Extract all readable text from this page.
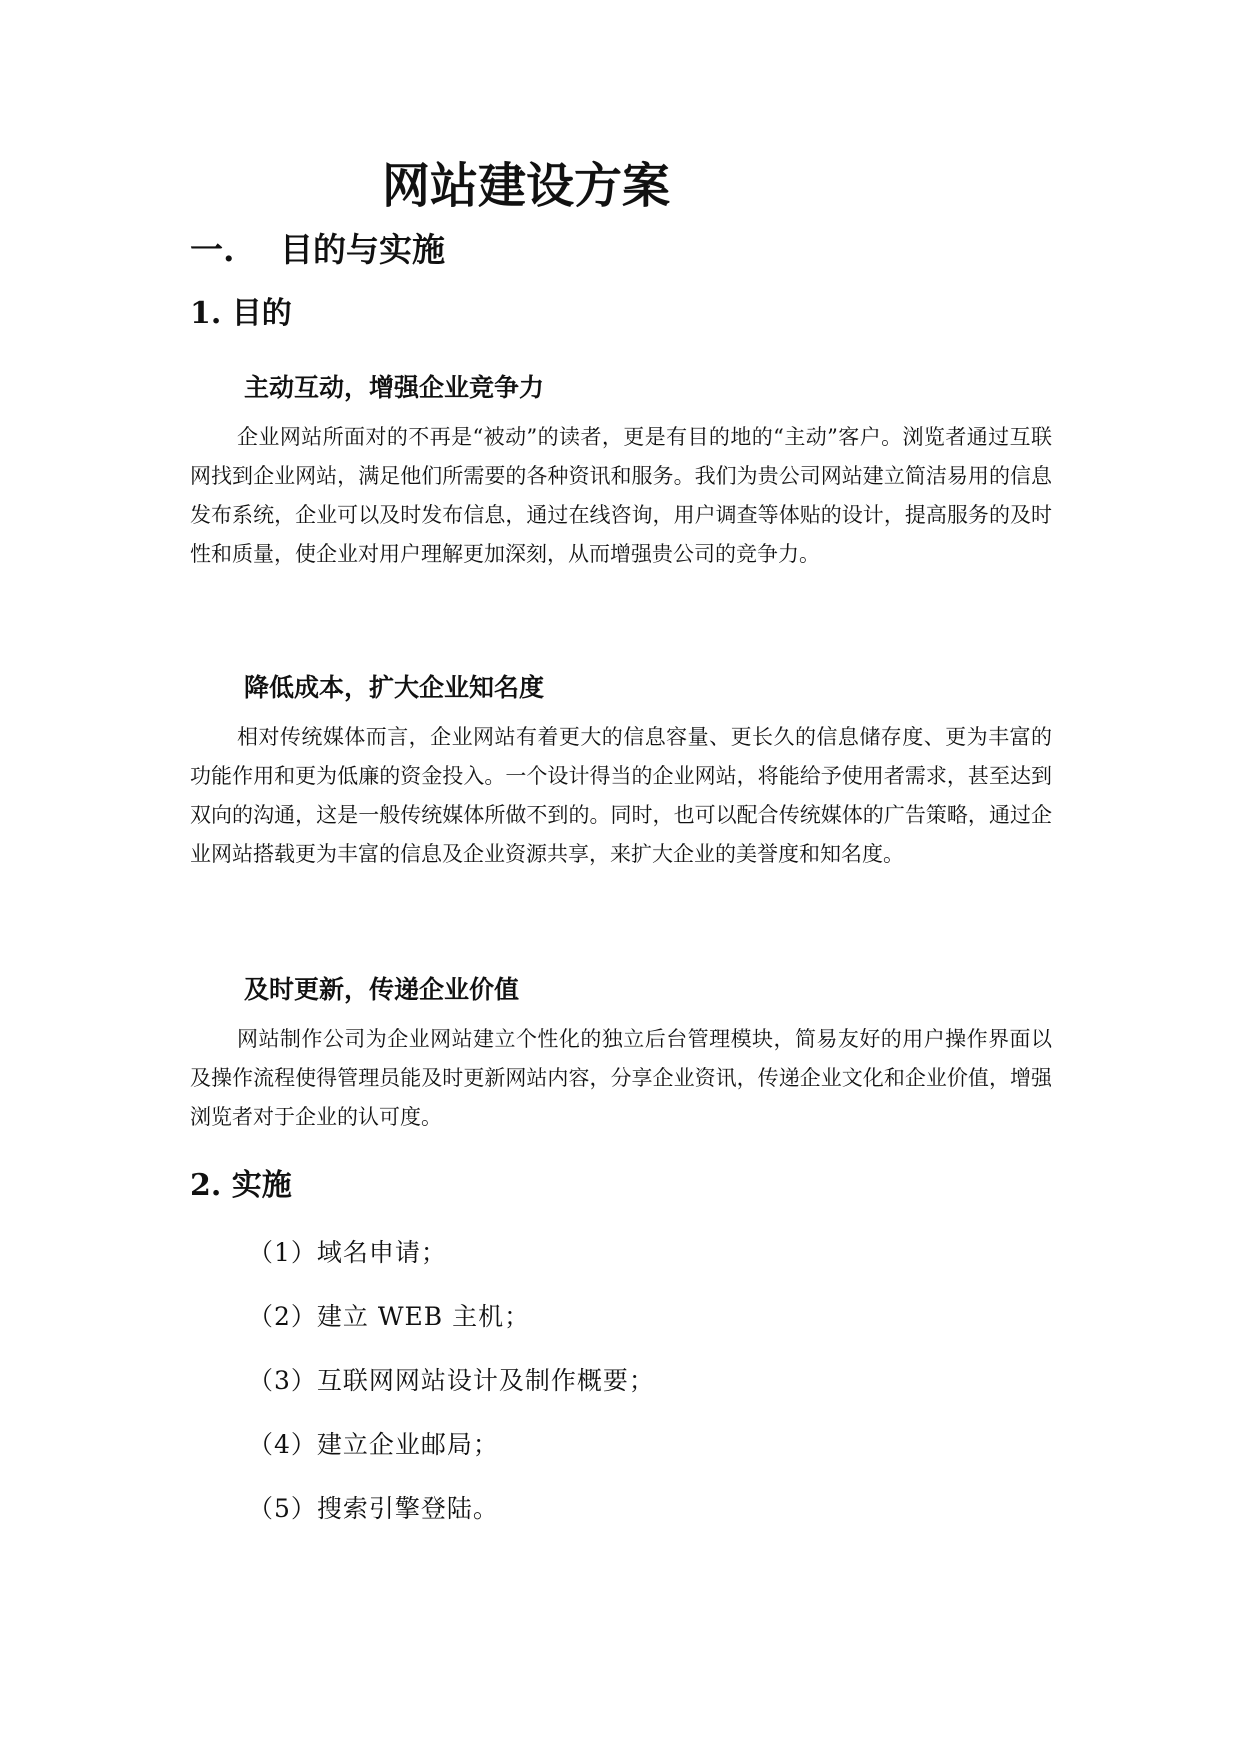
网站建设方案
一. 目的与实施
1. 目的
主动互动，增强企业竞争力

企业网站所面对的不再是“被动”的读者，更是有目的地的“主动”客户。浏览者通过互联网找到企业网站，满足他们所需要的各种资讯和服务。我们为贵公司网站建立简洁易用的信息发布系统，企业可以及时发布信息，通过在线咨询，用户调查等体贴的设计，提高服务的及时性和质量，使企业对用户理解更加深刻，从而增强贵公司的竞争力。

降低成本，扩大企业知名度

相对传统媒体而言，企业网站有着更大的信息容量、更长久的信息储存度、更为丰富的功能作用和更为低廉的资金投入。一个设计得当的企业网站，将能给予使用者需求，甚至达到双向的沟通，这是一般传统媒体所做不到的。同时，也可以配合传统媒体的广告策略，通过企业网站搭载更为丰富的信息及企业资源共享，来扩大企业的美誉度和知名度。

及时更新，传递企业价值

网站制作公司为企业网站建立个性化的独立后台管理模块，简易友好的用户操作界面以及操作流程使得管理员能及时更新网站内容，分享企业资讯，传递企业文化和企业价值，增强浏览者对于企业的认可度。

2. 实施
（1）域名申请；
（2）建立 WEB 主机；
（3）互联网网站设计及制作概要；
（4）建立企业邮局；
（5）搜索引擎登陆。
